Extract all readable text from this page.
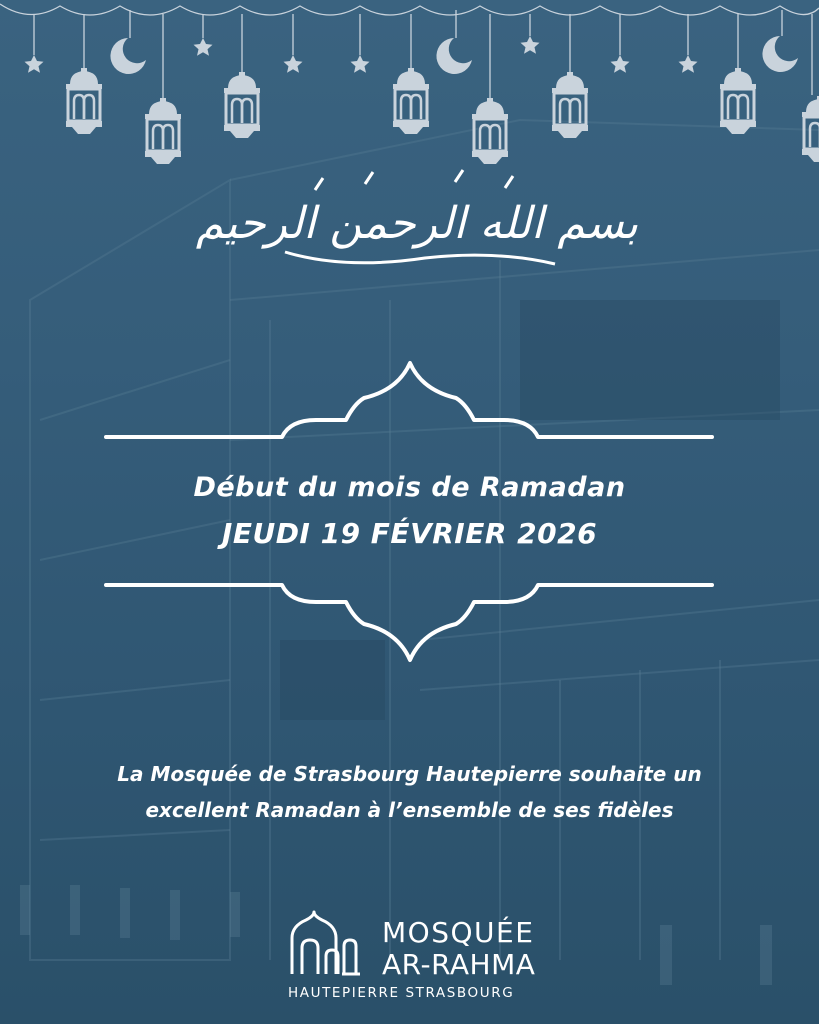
بسم الله الرحمن الرحيم

Début du mois de Ramadan

JEUDI 19 FÉVRIER 2026

La Mosquée de Strasbourg Hautepierre souhaite un

excellent Ramadan à l’ensemble de ses fidèles

MOSQUÉE
AR-RAHMA
HAUTEPIERRE STRASBOURG
